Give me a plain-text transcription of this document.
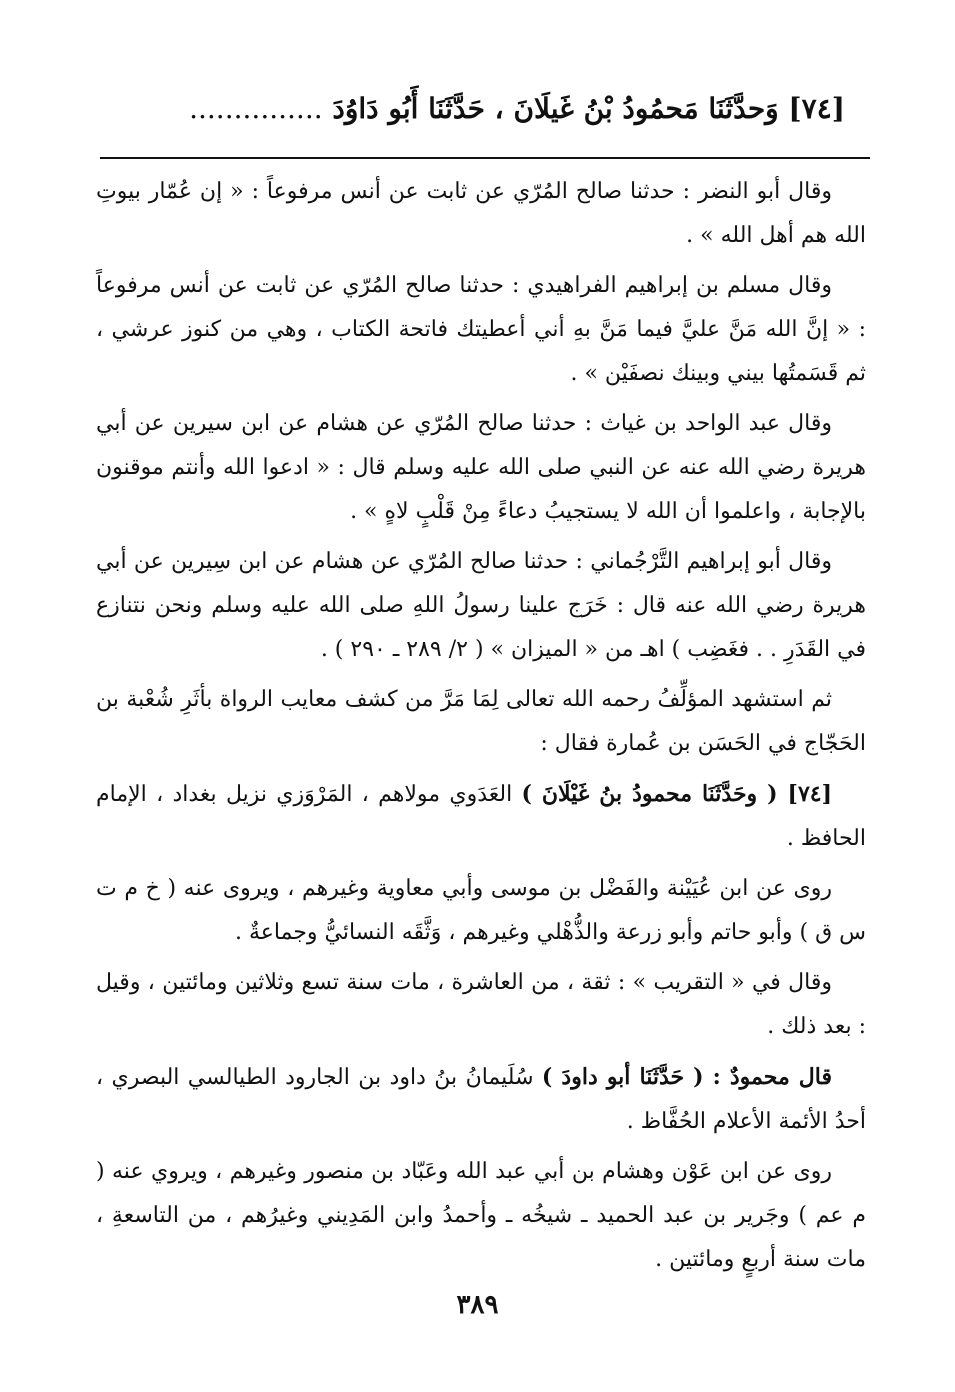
[٧٤] وَحدَّثَنَا مَحمُودُ بْنُ غَيلَانَ ، حَدَّثَنَا أَبُو دَاوُدَ ...............

وقال أبو النضر : حدثنا صالح المُرّي عن ثابت عن أنس مرفوعاً : « إن عُمّار بيوتِ الله هم أهل الله » .

وقال مسلم بن إبراهيم الفراهيدي : حدثنا صالح المُرّي عن ثابت عن أنس مرفوعاً : « إنَّ الله مَنَّ عليَّ فيما مَنَّ بهِ أني أعطيتك فاتحة الكتاب ، وهي من كنوز عرشي ، ثم قَسَمتُها بيني وبينك نصفَيْن » .

وقال عبد الواحد بن غياث : حدثنا صالح المُرّي عن هشام عن ابن سيرين عن أبي هريرة رضي الله عنه عن النبي صلى الله عليه وسلم قال : « ادعوا الله وأنتم موقنون بالإجابة ، واعلموا أن الله لا يستجيبُ دعاءً مِنْ قَلْبٍ لاهٍ » .

وقال أبو إبراهيم التَّرْجُماني : حدثنا صالح المُرّي عن هشام عن ابن سِيرين عن أبي هريرة رضي الله عنه قال : خَرَج علينا رسولُ اللهِ صلى الله عليه وسلم ونحن نتنازع في القَدَرِ . . فغَضِب ) اهـ من « الميزان » ( ٢/ ٢٨٩ ـ ٢٩٠ ) .

ثم استشهد المؤلِّفُ رحمه الله تعالى لِمَا مَرَّ من كشف معايب الرواة بأثَرِ شُعْبة بن الحَجّاج في الحَسَن بن عُمارة فقال :

[٧٤] ( وحَدَّثَنَا محمودُ بنُ غَيْلَانَ ) العَدَوي مولاهم ، المَرْوَزي نزيل بغداد ، الإمام الحافظ .

روى عن ابن عُيَيْنة والفَضْل بن موسى وأبي معاوية وغيرهم ، ويروى عنه ( خ م ت س ق ) وأبو حاتم وأبو زرعة والذُّهْلي وغيرهم ، وَثَّقَه النسائيُّ وجماعةٌ .

وقال في « التقريب » : ثقة ، من العاشرة ، مات سنة تسع وثلاثين ومائتين ، وقيل : بعد ذلك .

قال محمودٌ : ( حَدَّثَنَا أبو داودَ ) سُلَيمانُ بنُ داود بن الجارود الطيالسي البصري ، أحدُ الأئمة الأعلام الحُفَّاظ .

روى عن ابن عَوْن وهشام بن أبي عبد الله وعَبّاد بن منصور وغيرهم ، ويروي عنه ( م عم ) وجَرير بن عبد الحميد ـ شيخُه ـ وأحمدُ وابن المَدِيني وغيرُهم ، من التاسعةِ ، مات سنة أربعٍ ومائتين .

٣٨٩
